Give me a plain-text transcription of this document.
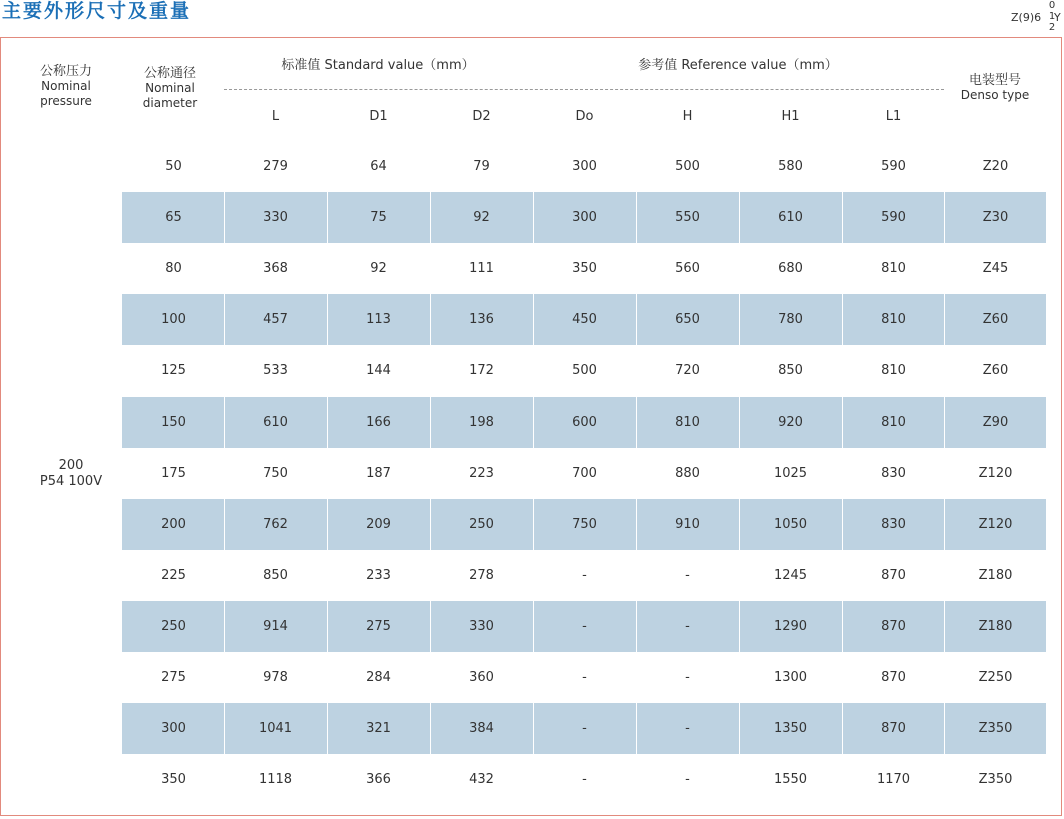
主要外形尺寸及重量	Z(9)6
0
1
2
Y
公称压力
Nominal
pressure
公称通径
Nominal
diameter
标准值 Standard value（mm）	参考值 Reference value（mm）
电装型号
Denso type
L	D1	D2	Do	H	H1	L1
50	279	64	79	300	500	580	590	Z20
65	330	75	92	300	550	610	590	Z30
80	368	92	111	350	560	680	810	Z45
100	457	113	136	450	650	780	810	Z60
125	533	144	172	500	720	850	810	Z60
150	610	166	198	600	810	920	810	Z90
175	750	187	223	700	880	1025	830	Z120
200	762	209	250	750	910	1050	830	Z120
225	850	233	278	-	-	1245	870	Z180
250	914	275	330	-	-	1290	870	Z180
275	978	284	360	-	-	1300	870	Z250
300	1041	321	384	-	-	1350	870	Z350
350	1118	366	432	-	-	1550	1170	Z350
200
P54 100V
